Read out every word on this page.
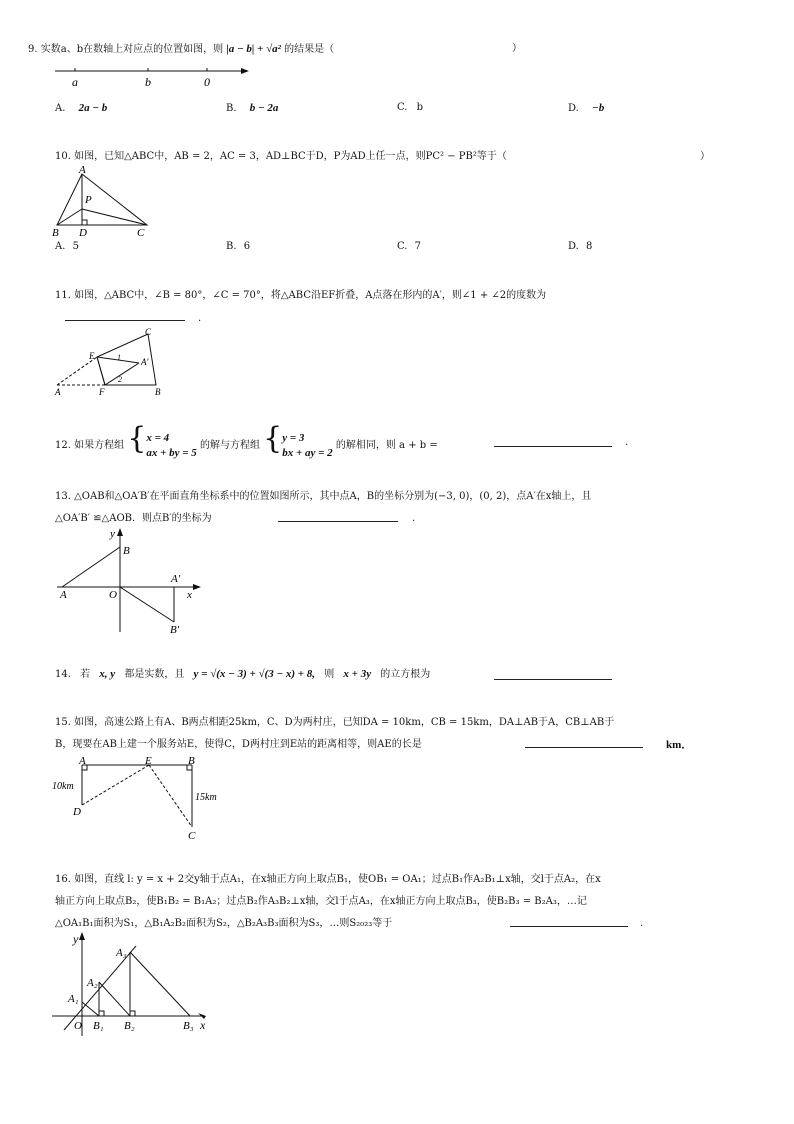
9. 实数a、b在数轴上对应点的位置如图，则 |a − b| + √a² 的结果是（	）
a	b	0
A. 2a − b	B. b − 2a	C. b	D. −b
10. 如图，已知△ABC中，AB = 2，AC = 3，AD⊥BC于D，P为AD上任一点，则PC² − PB²等于（	）
A
P
B D	C
A. 5	B. 6	C. 7	D. 8
11. 如图，△ABC中，∠B = 80°，∠C = 70°，将△ABC沿EF折叠，A点落在形内的A′，则∠1 + ∠2的度数为
.
C
E	1 A′
2
F
A	B
12. 如果方程组 {x = 4
ax + by = 5 的解与方程组 {y = 3
bx + ay = 2 的解相同，则 a + b =	.
13. △OAB和△OA′B′在平面直角坐标系中的位置如图所示，其中点A，B的坐标分别为(−3, 0)，(0, 2)，点A′在x轴上，且
△OA′B′ ≌△AOB．则点B′的坐标为	.
y
B
A′
A	O	x
B′
14. 若 x, y 都是实数，且 y = √(x − 3) + √(3 − x) + 8, 则 x + 3y 的立方根为
15. 如图，高速公路上有A、B两点相距25km，C、D为两村庄，已知DA = 10km，CB = 15km，DA⊥AB于A，CB⊥AB于
B，现要在AB上建一个服务站E，使得C，D两村庄到E站的距离相等，则AE的长是	km．
A	E	B
10km
15km
D
C
16. 如图，直线 l: y = x + 2交y轴于点A₁，在x轴正方向上取点B₁，使OB₁ = OA₁；过点B₁作A₂B₁⊥x轴，交l于点A₂，在x
轴正方向上取点B₂，使B₁B₂ = B₁A₂；过点B₂作A₃B₂⊥x轴，交l于点A₃，在x轴正方向上取点B₃，使B₂B₃ = B₂A₃，…记
△OA₁B₁面积为S₁，△B₁A₂B₂面积为S₂，△B₂A₃B₃面积为S₃，…则S₂₀₂₃等于	.
y
A₃
A₂
A₁
O B₁ B₂	B₃ x
